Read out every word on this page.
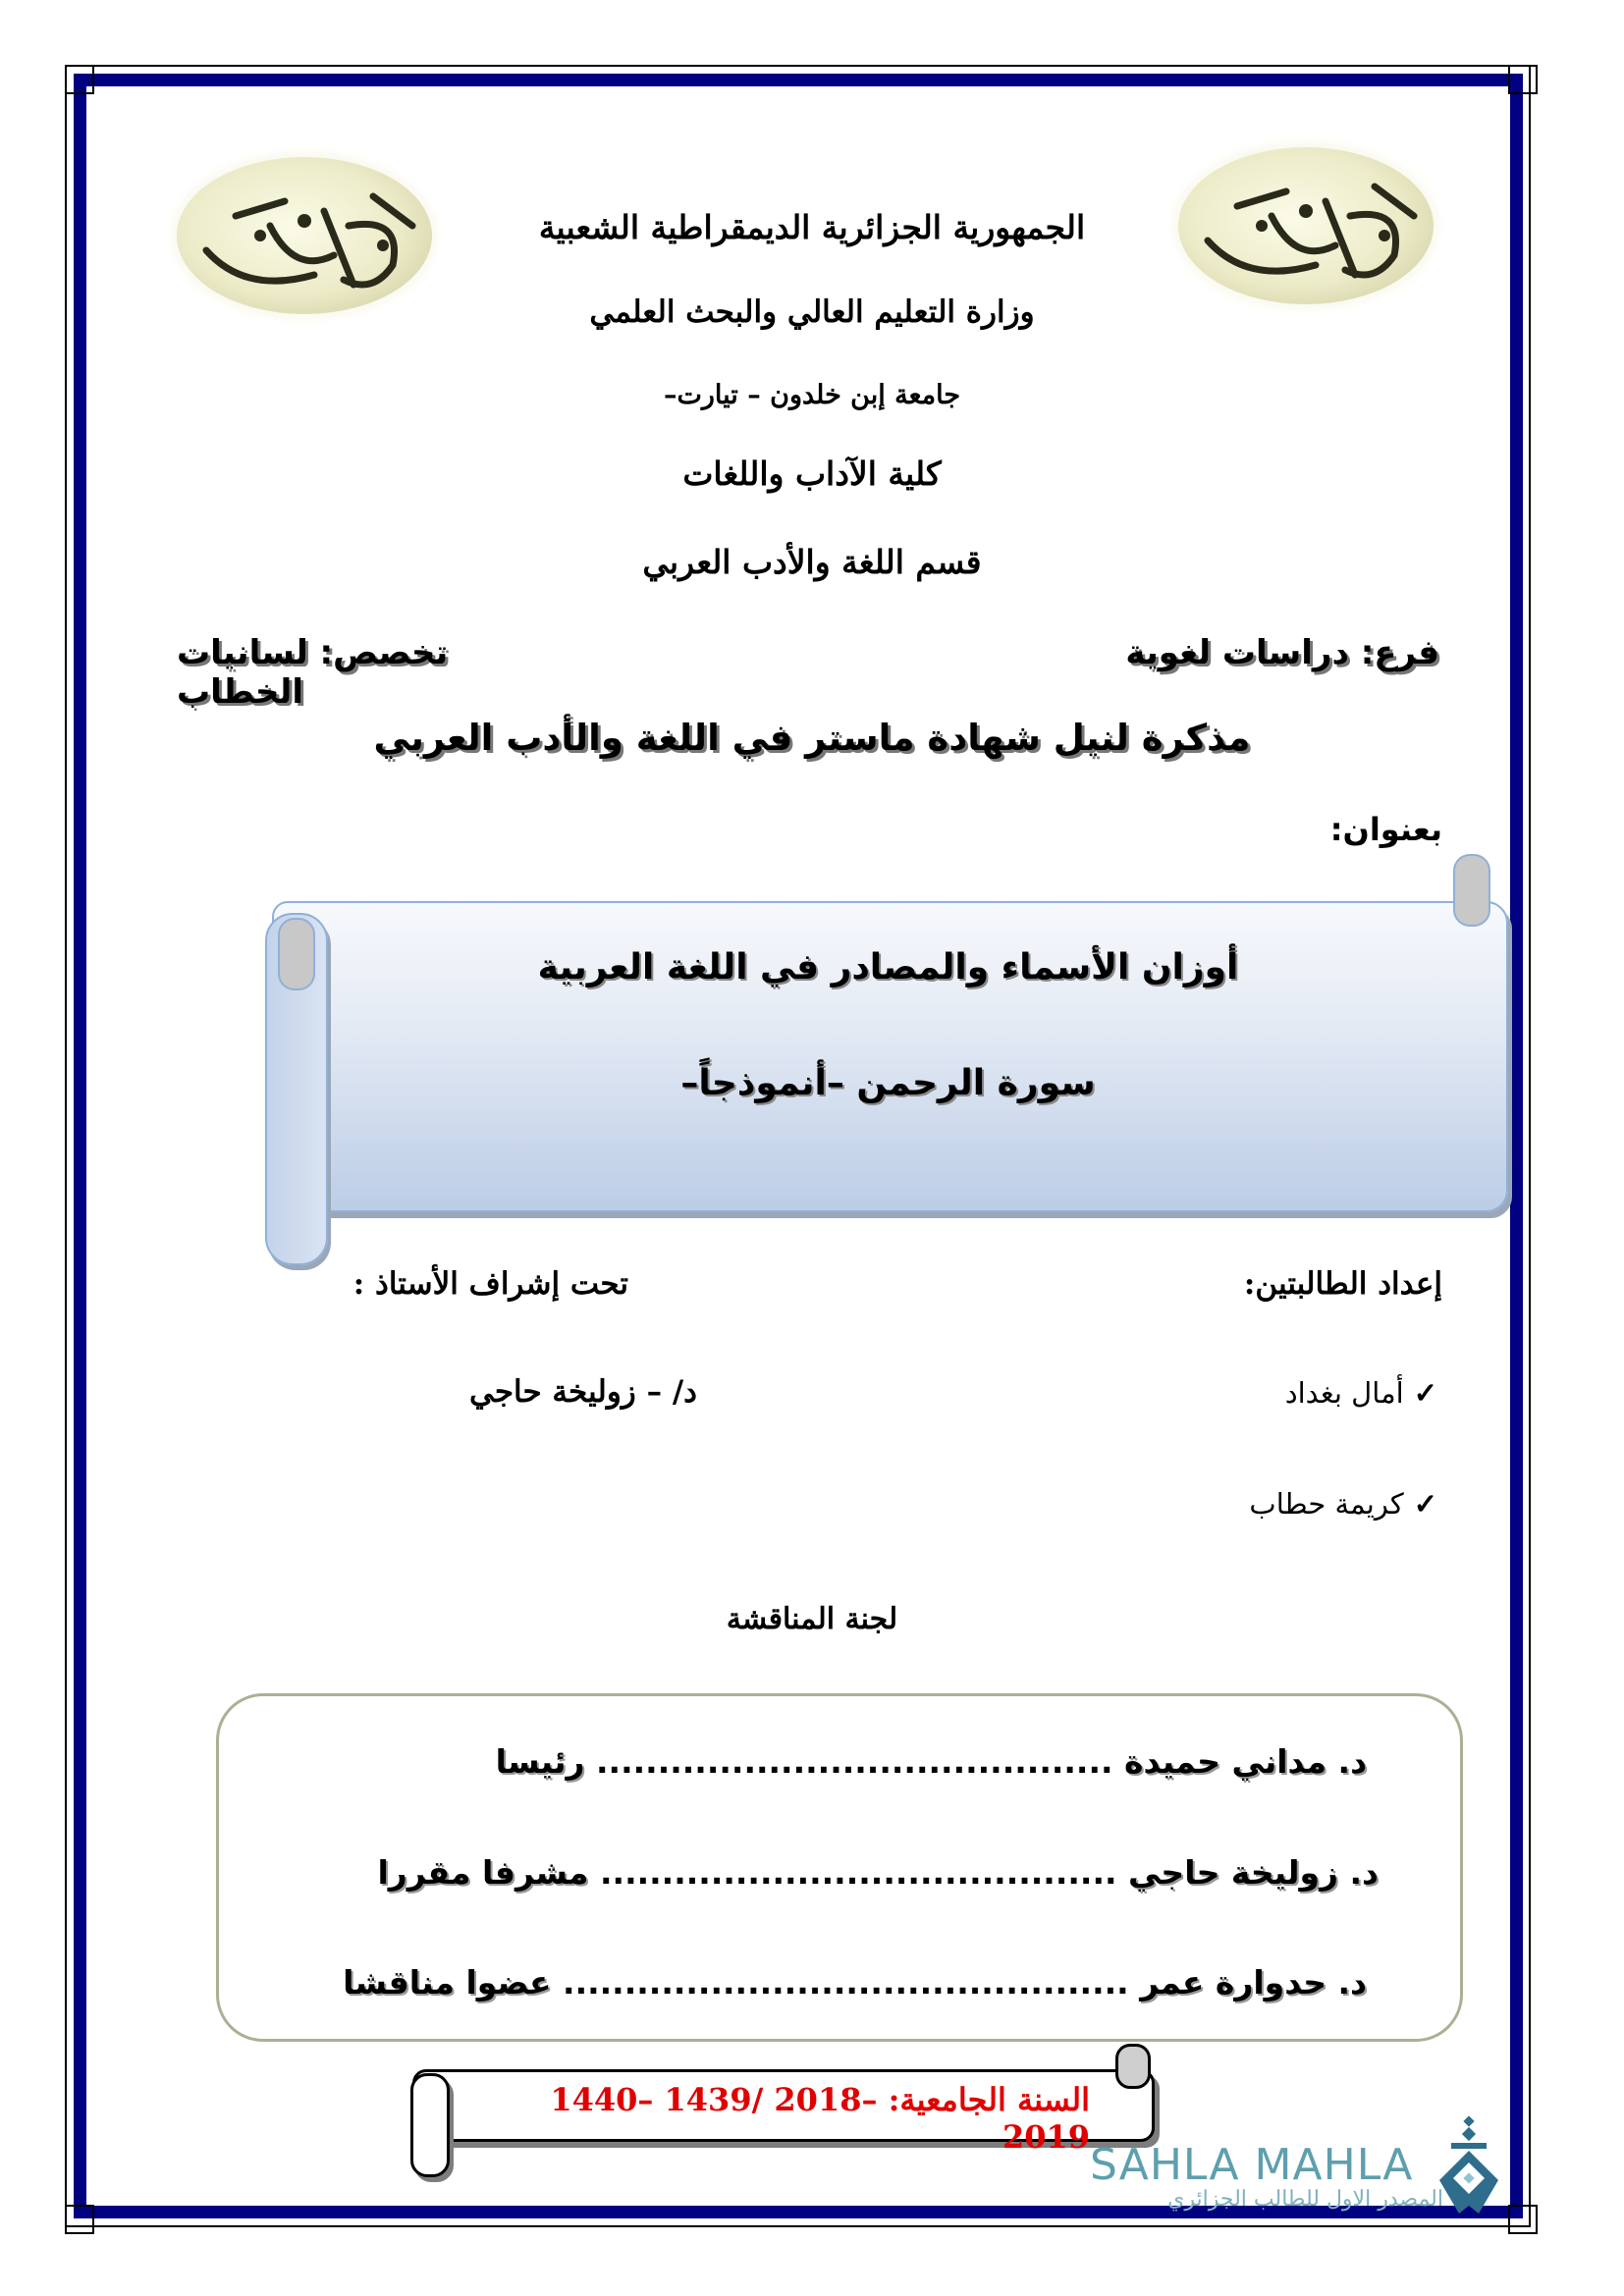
الجمهورية الجزائرية الديمقراطية الشعبية
وزارة التعليم العالي والبحث العلمي
جامعة إبن خلدون – تيارت–
كلية الآداب واللغات
قسم اللغة والأدب العربي
فرع: دراسات لغوية
تخصص: لسانيات الخطاب
مذكرة لنيل شهادة ماستر في اللغة والأدب العربي
بعنوان:
أوزان الأسماء والمصادر في اللغة العربية
سورة الرحمن –أنموذجاً–
إعداد الطالبتين:
تحت إشراف الأستاذ :
✓
أمال بغداد
✓
كريمة حطاب
د/ – زوليخة حاجي
لجنة المناقشة
د. مداني حميدة .......................................... رئيسا
د. زوليخة حاجي .......................................... مشرفا مقررا
د. حدوارة عمر .............................................. عضوا مناقشا
السنة الجامعية: 1440– 1439/ 2018– 2019
SAHLA MAHLA
المصدر الاول للطالب الجزائري
